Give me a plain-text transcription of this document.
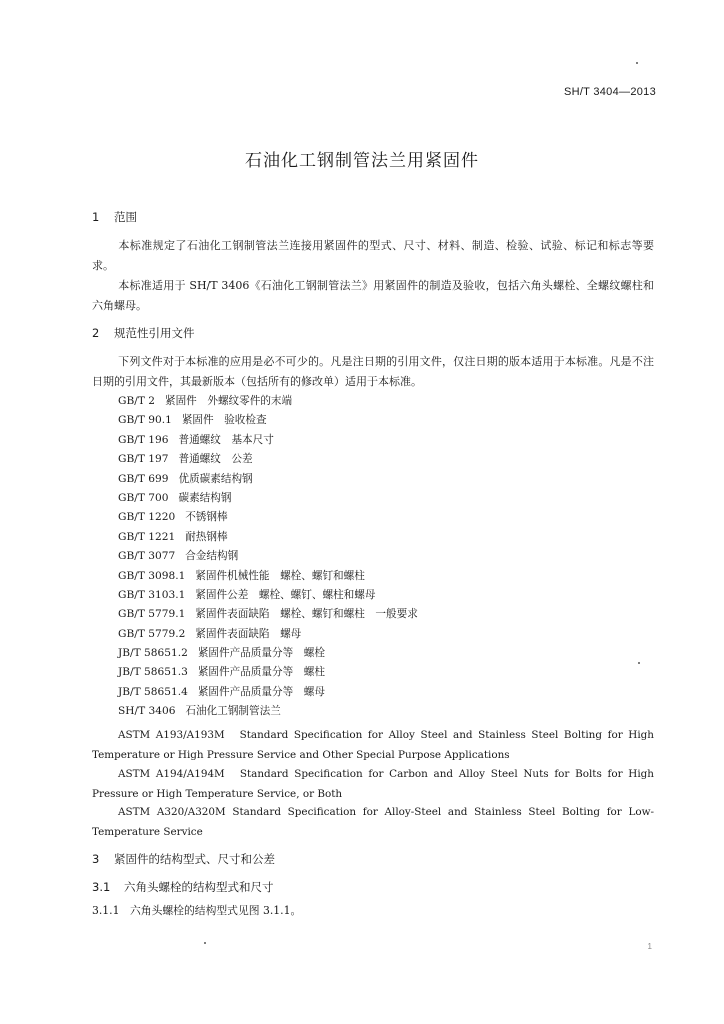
SH/T 3404—2013
石油化工钢制管法兰用紧固件
1 范围

本标准规定了石油化工钢制管法兰连接用紧固件的型式、尺寸、材料、制造、检验、试验、标记和标志等要求。

本标准适用于 SH/T 3406《石油化工钢制管法兰》用紧固件的制造及验收，包括六角头螺栓、全螺纹螺柱和六角螺母。

2 规范性引用文件

下列文件对于本标准的应用是必不可少的。凡是注日期的引用文件，仅注日期的版本适用于本标准。凡是不注日期的引用文件，其最新版本（包括所有的修改单）适用于本标准。

GB/T 2 紧固件　外螺纹零件的末端
GB/T 90.1 紧固件　验收检查
GB/T 196 普通螺纹　基本尺寸
GB/T 197 普通螺纹　公差
GB/T 699 优质碳素结构钢
GB/T 700 碳素结构钢
GB/T 1220 不锈钢棒
GB/T 1221 耐热钢棒
GB/T 3077 合金结构钢
GB/T 3098.1 紧固件机械性能　螺栓、螺钉和螺柱
GB/T 3103.1 紧固件公差　螺栓、螺钉、螺柱和螺母
GB/T 5779.1 紧固件表面缺陷　螺栓、螺钉和螺柱　一般要求
GB/T 5779.2 紧固件表面缺陷　螺母
JB/T 58651.2 紧固件产品质量分等　螺栓
JB/T 58651.3 紧固件产品质量分等　螺柱
JB/T 58651.4 紧固件产品质量分等　螺母
SH/T 3406 石油化工钢制管法兰

ASTM A193/A193M　Standard Specification for Alloy Steel and Stainless Steel Bolting for High Temperature or High Pressure Service and Other Special Purpose Applications

ASTM A194/A194M　Standard Specification for Carbon and Alloy Steel Nuts for Bolts for High Pressure or High Temperature Service, or Both

ASTM A320/A320M Standard Specification for Alloy-Steel and Stainless Steel Bolting for Low-Temperature Service

3 紧固件的结构型式、尺寸和公差
3.1 六角头螺栓的结构型式和尺寸
3.1.1 六角头螺栓的结构型式见图 3.1.1。
1
